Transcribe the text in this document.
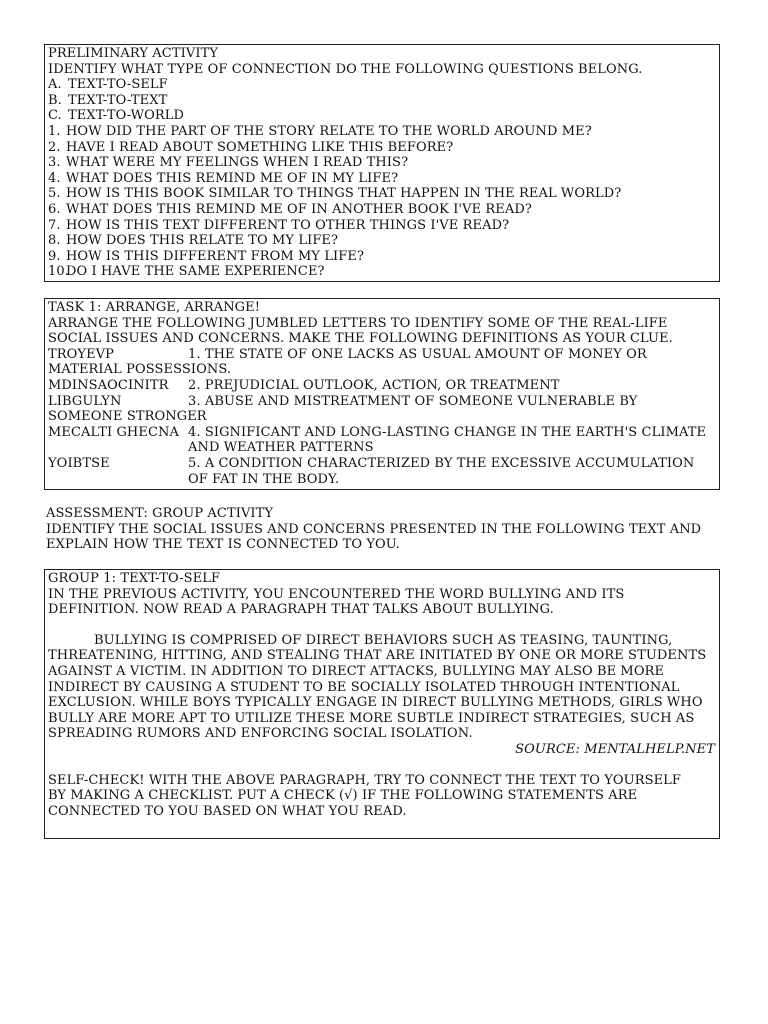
PRELIMINARY ACTIVITY
IDENTIFY WHAT TYPE OF CONNECTION DO THE FOLLOWING QUESTIONS BELONG.
A. TEXT-TO-SELF
B. TEXT-TO-TEXT
C. TEXT-TO-WORLD
1. HOW DID THE PART OF THE STORY RELATE TO THE WORLD AROUND ME?
2. HAVE I READ ABOUT SOMETHING LIKE THIS BEFORE?
3. WHAT WERE MY FEELINGS WHEN I READ THIS?
4. WHAT DOES THIS REMIND ME OF IN MY LIFE?
5. HOW IS THIS BOOK SIMILAR TO THINGS THAT HAPPEN IN THE REAL WORLD?
6. WHAT DOES THIS REMIND ME OF IN ANOTHER BOOK I'VE READ?
7. HOW IS THIS TEXT DIFFERENT TO OTHER THINGS I'VE READ?
8. HOW DOES THIS RELATE TO MY LIFE?
9. HOW IS THIS DIFFERENT FROM MY LIFE?
10.
DO I HAVE THE SAME EXPERIENCE?
TASK 1: ARRANGE, ARRANGE!
ARRANGE THE FOLLOWING JUMBLED LETTERS TO IDENTIFY SOME OF THE REAL-LIFE
SOCIAL ISSUES AND CONCERNS. MAKE THE FOLLOWING DEFINITIONS AS YOUR CLUE.
TROYEVP	1. THE STATE OF ONE LACKS AS USUAL AMOUNT OF MONEY OR
MATERIAL POSSESSIONS.
MDINSAOCINITR	2. PREJUDICIAL OUTLOOK, ACTION, OR TREATMENT
LIBGULYN	3. ABUSE AND MISTREATMENT OF SOMEONE VULNERABLE BY
SOMEONE STRONGER
MECALTI GHECNA 4. SIGNIFICANT AND LONG-LASTING CHANGE IN THE EARTH'S CLIMATE
AND WEATHER PATTERNS
YOIBTSE	5. A CONDITION CHARACTERIZED BY THE EXCESSIVE ACCUMULATION
OF FAT IN THE BODY.
ASSESSMENT: GROUP ACTIVITY
IDENTIFY THE SOCIAL ISSUES AND CONCERNS PRESENTED IN THE FOLLOWING TEXT AND
EXPLAIN HOW THE TEXT IS CONNECTED TO YOU.
GROUP 1: TEXT-TO-SELF
IN THE PREVIOUS ACTIVITY, YOU ENCOUNTERED THE WORD BULLYING AND ITS
DEFINITION. NOW READ A PARAGRAPH THAT TALKS ABOUT BULLYING.
BULLYING IS COMPRISED OF DIRECT BEHAVIORS SUCH AS TEASING, TAUNTING,
THREATENING, HITTING, AND STEALING THAT ARE INITIATED BY ONE OR MORE STUDENTS
AGAINST A VICTIM. IN ADDITION TO DIRECT ATTACKS, BULLYING MAY ALSO BE MORE
INDIRECT BY CAUSING A STUDENT TO BE SOCIALLY ISOLATED THROUGH INTENTIONAL
EXCLUSION. WHILE BOYS TYPICALLY ENGAGE IN DIRECT BULLYING METHODS, GIRLS WHO
BULLY ARE MORE APT TO UTILIZE THESE MORE SUBTLE INDIRECT STRATEGIES, SUCH AS
SPREADING RUMORS AND ENFORCING SOCIAL ISOLATION.
SOURCE: MENTALHELP.NET
SELF-CHECK! WITH THE ABOVE PARAGRAPH, TRY TO CONNECT THE TEXT TO YOURSELF
BY MAKING A CHECKLIST. PUT A CHECK (√) IF THE FOLLOWING STATEMENTS ARE
CONNECTED TO YOU BASED ON WHAT YOU READ.
